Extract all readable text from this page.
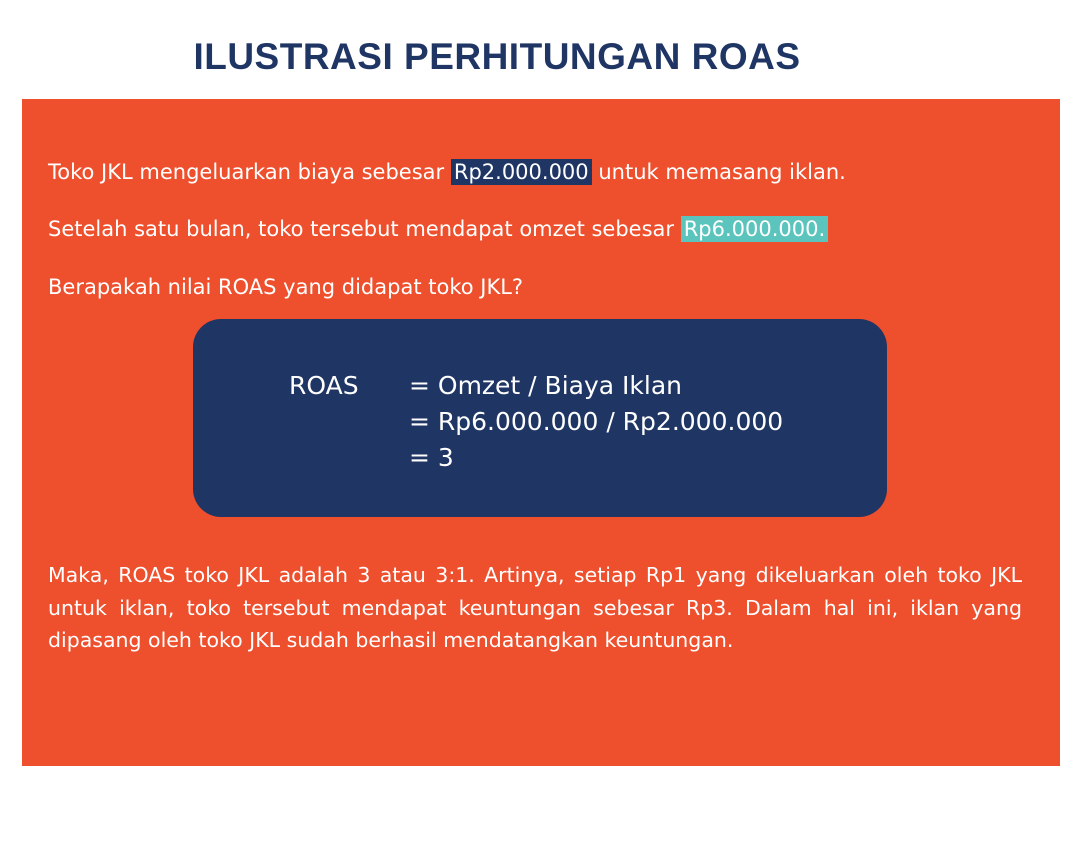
ILUSTRASI PERHITUNGAN ROAS
Toko JKL mengeluarkan biaya sebesar Rp2.000.000 untuk memasang iklan.
Setelah satu bulan, toko tersebut mendapat omzet sebesar Rp6.000.000.
Berapakah nilai ROAS yang didapat toko JKL?
ROAS = Omzet / Biaya Iklan
= Rp6.000.000 / Rp2.000.000
= 3
Maka, ROAS toko JKL adalah 3 atau 3:1. Artinya, setiap Rp1 yang dikeluarkan oleh toko JKL untuk iklan, toko tersebut mendapat keuntungan sebesar Rp3. Dalam hal ini, iklan yang dipasang oleh toko JKL sudah berhasil mendatangkan keuntungan.
